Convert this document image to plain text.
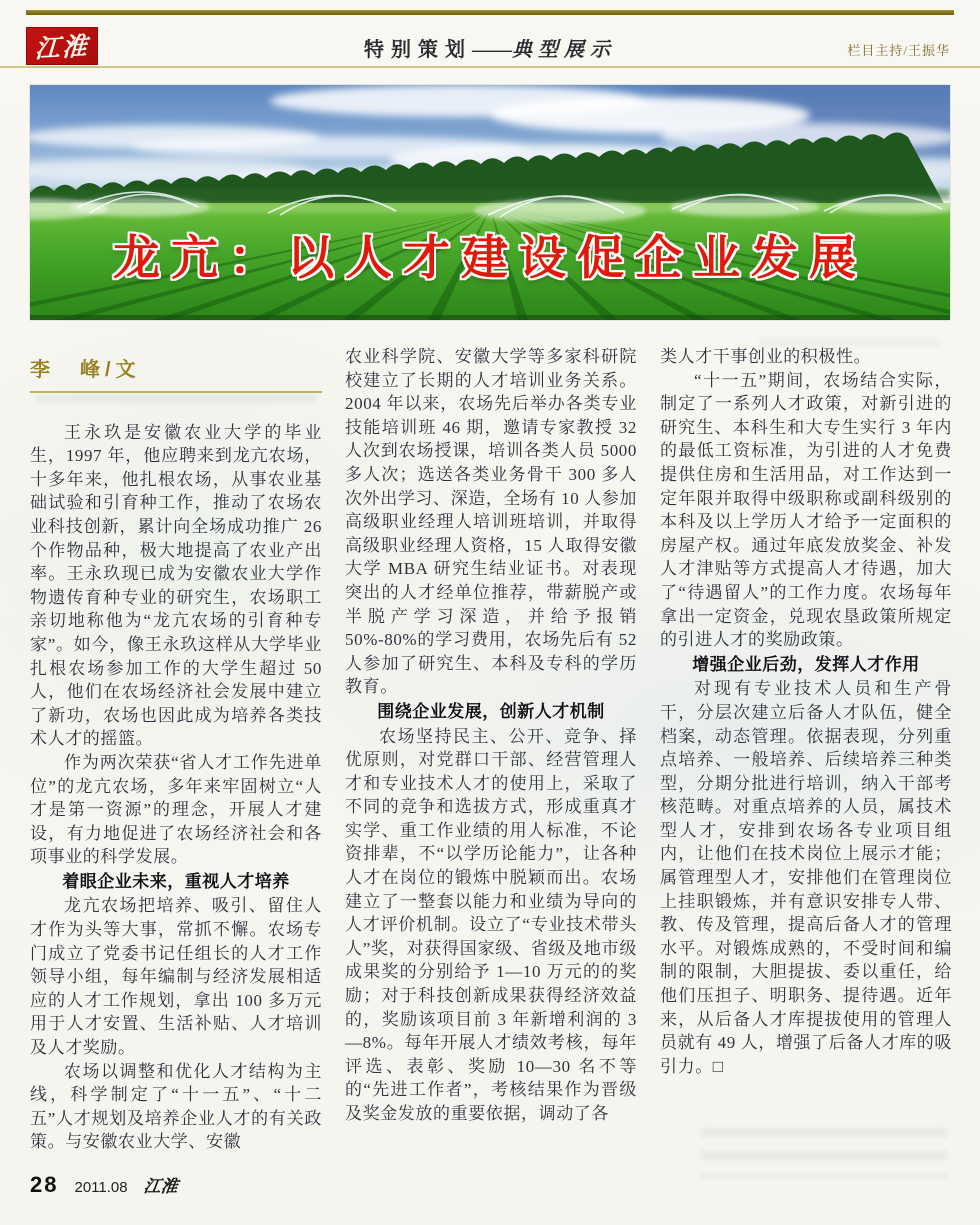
江淮	特别策划——典型展示	栏目主持/王振华
龙亢：以人才建设促企业发展
李　峰/文

王永玖是安徽农业大学的毕业生，1997 年，他应聘来到龙亢农场，十多年来，他扎根农场，从事农业基础试验和引育种工作，推动了农场农业科技创新，累计向全场成功推广 26 个作物品种，极大地提高了农业产出率。王永玖现已成为安徽农业大学作物遗传育种专业的研究生，农场职工亲切地称他为“龙亢农场的引育种专家”。如今，像王永玖这样从大学毕业扎根农场参加工作的大学生超过 50 人，他们在农场经济社会发展中建立了新功，农场也因此成为培养各类技术人才的摇篮。

作为两次荣获“省人才工作先进单位”的龙亢农场，多年来牢固树立“人才是第一资源”的理念，开展人才建设，有力地促进了农场经济社会和各项事业的科学发展。

着眼企业未来，重视人才培养

龙亢农场把培养、吸引、留住人才作为头等大事，常抓不懈。农场专门成立了党委书记任组长的人才工作领导小组，每年编制与经济发展相适应的人才工作规划，拿出 100 多万元用于人才安置、生活补贴、人才培训及人才奖励。

农场以调整和优化人才结构为主线，科学制定了“十一五”、“十二五”人才规划及培养企业人才的有关政策。与安徽农业大学、安徽

农业科学院、安徽大学等多家科研院校建立了长期的人才培训业务关系。2004 年以来，农场先后举办各类专业技能培训班 46 期，邀请专家教授 32 人次到农场授课，培训各类人员 5000 多人次；选送各类业务骨干 300 多人次外出学习、深造，全场有 10 人参加高级职业经理人培训班培训，并取得高级职业经理人资格，15 人取得安徽大学 MBA 研究生结业证书。对表现突出的人才经单位推荐，带薪脱产或半脱产学习深造，并给予报销 50%-80%的学习费用，农场先后有 52 人参加了研究生、本科及专科的学历教育。

围绕企业发展，创新人才机制

农场坚持民主、公开、竞争、择优原则，对党群口干部、经营管理人才和专业技术人才的使用上，采取了不同的竞争和选拔方式，形成重真才实学、重工作业绩的用人标准，不论资排辈，不“以学历论能力”，让各种人才在岗位的锻炼中脱颖而出。农场建立了一整套以能力和业绩为导向的人才评价机制。设立了“专业技术带头人”奖，对获得国家级、省级及地市级成果奖的分别给予 1—10 万元的的奖励；对于科技创新成果获得经济效益的，奖励该项目前 3 年新增利润的 3—8%。每年开展人才绩效考核，每年评选、表彰、奖励 10—30 名不等的“先进工作者”，考核结果作为晋级及奖金发放的重要依据，调动了各

类人才干事创业的积极性。

“十一五”期间，农场结合实际，制定了一系列人才政策，对新引进的研究生、本科生和大专生实行 3 年内的最低工资标准，为引进的人才免费提供住房和生活用品，对工作达到一定年限并取得中级职称或副科级别的本科及以上学历人才给予一定面积的房屋产权。通过年底发放奖金、补发人才津贴等方式提高人才待遇，加大了“待遇留人”的工作力度。农场每年拿出一定资金，兑现农垦政策所规定的引进人才的奖励政策。

增强企业后劲，发挥人才作用

对现有专业技术人员和生产骨干，分层次建立后备人才队伍，健全档案，动态管理。依据表现，分列重点培养、一般培养、后续培养三种类型，分期分批进行培训，纳入干部考核范畴。对重点培养的人员，属技术型人才，安排到农场各专业项目组内，让他们在技术岗位上展示才能；属管理型人才，安排他们在管理岗位上挂职锻炼，并有意识安排专人带、教、传及管理，提高后备人才的管理水平。对锻炼成熟的，不受时间和编制的限制，大胆提拔、委以重任，给他们压担子、明职务、提待遇。近年来，从后备人才库提拔使用的管理人员就有 49 人，增强了后备人才库的吸引力。□

28 2011.08 江淮
